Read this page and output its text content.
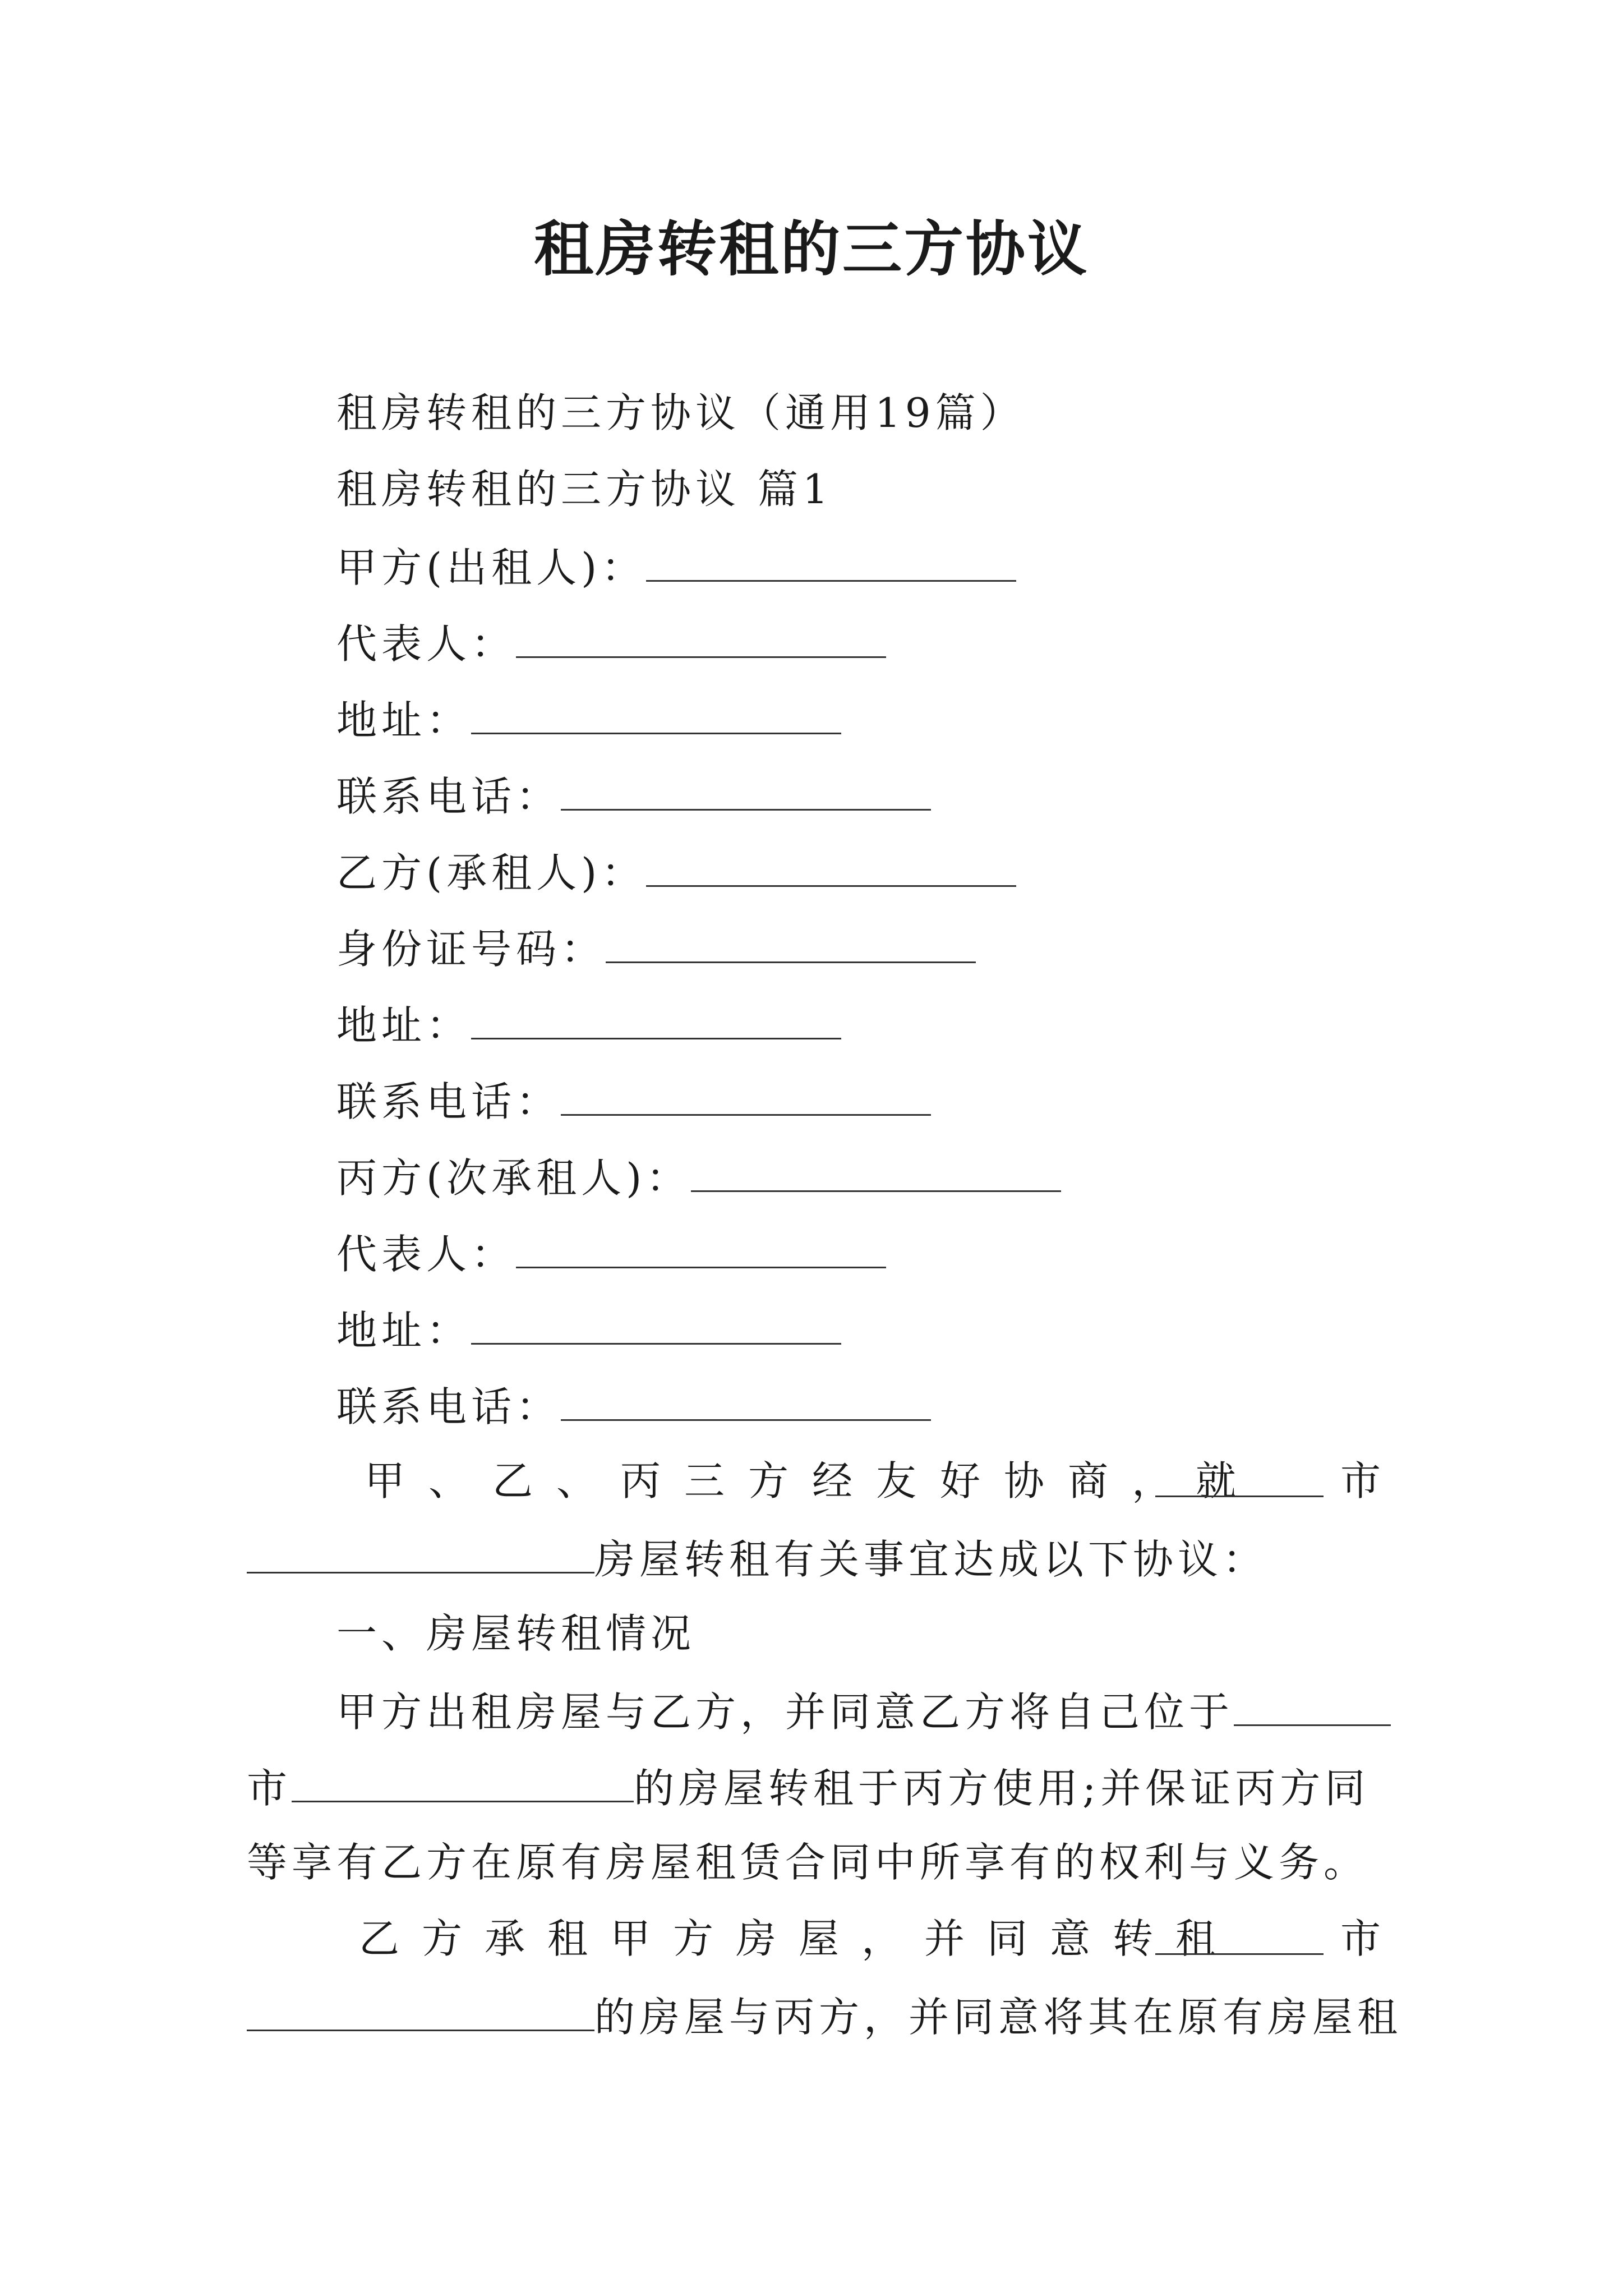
租房转租的三方协议
租房转租的三方协议（通用19篇）
租房转租的三方协议 篇1
甲方(出租人)：
代表人：
地址：
联系电话：
乙方(承租人)：
身份证号码：
地址：
联系电话：
丙方(次承租人)：
代表人：
地址：
联系电话：
甲、乙、丙三方经友好协商，就 市
房屋转租有关事宜达成以下协议：
一、房屋转租情况
甲方出租房屋与乙方，并同意乙方将自己位于
市	的房屋转租于丙方使用;并保证丙方同
等享有乙方在原有房屋租赁合同中所享有的权利与义务。
乙方承租甲方房屋，并同意转租	市
的房屋与丙方，并同意将其在原有房屋租
